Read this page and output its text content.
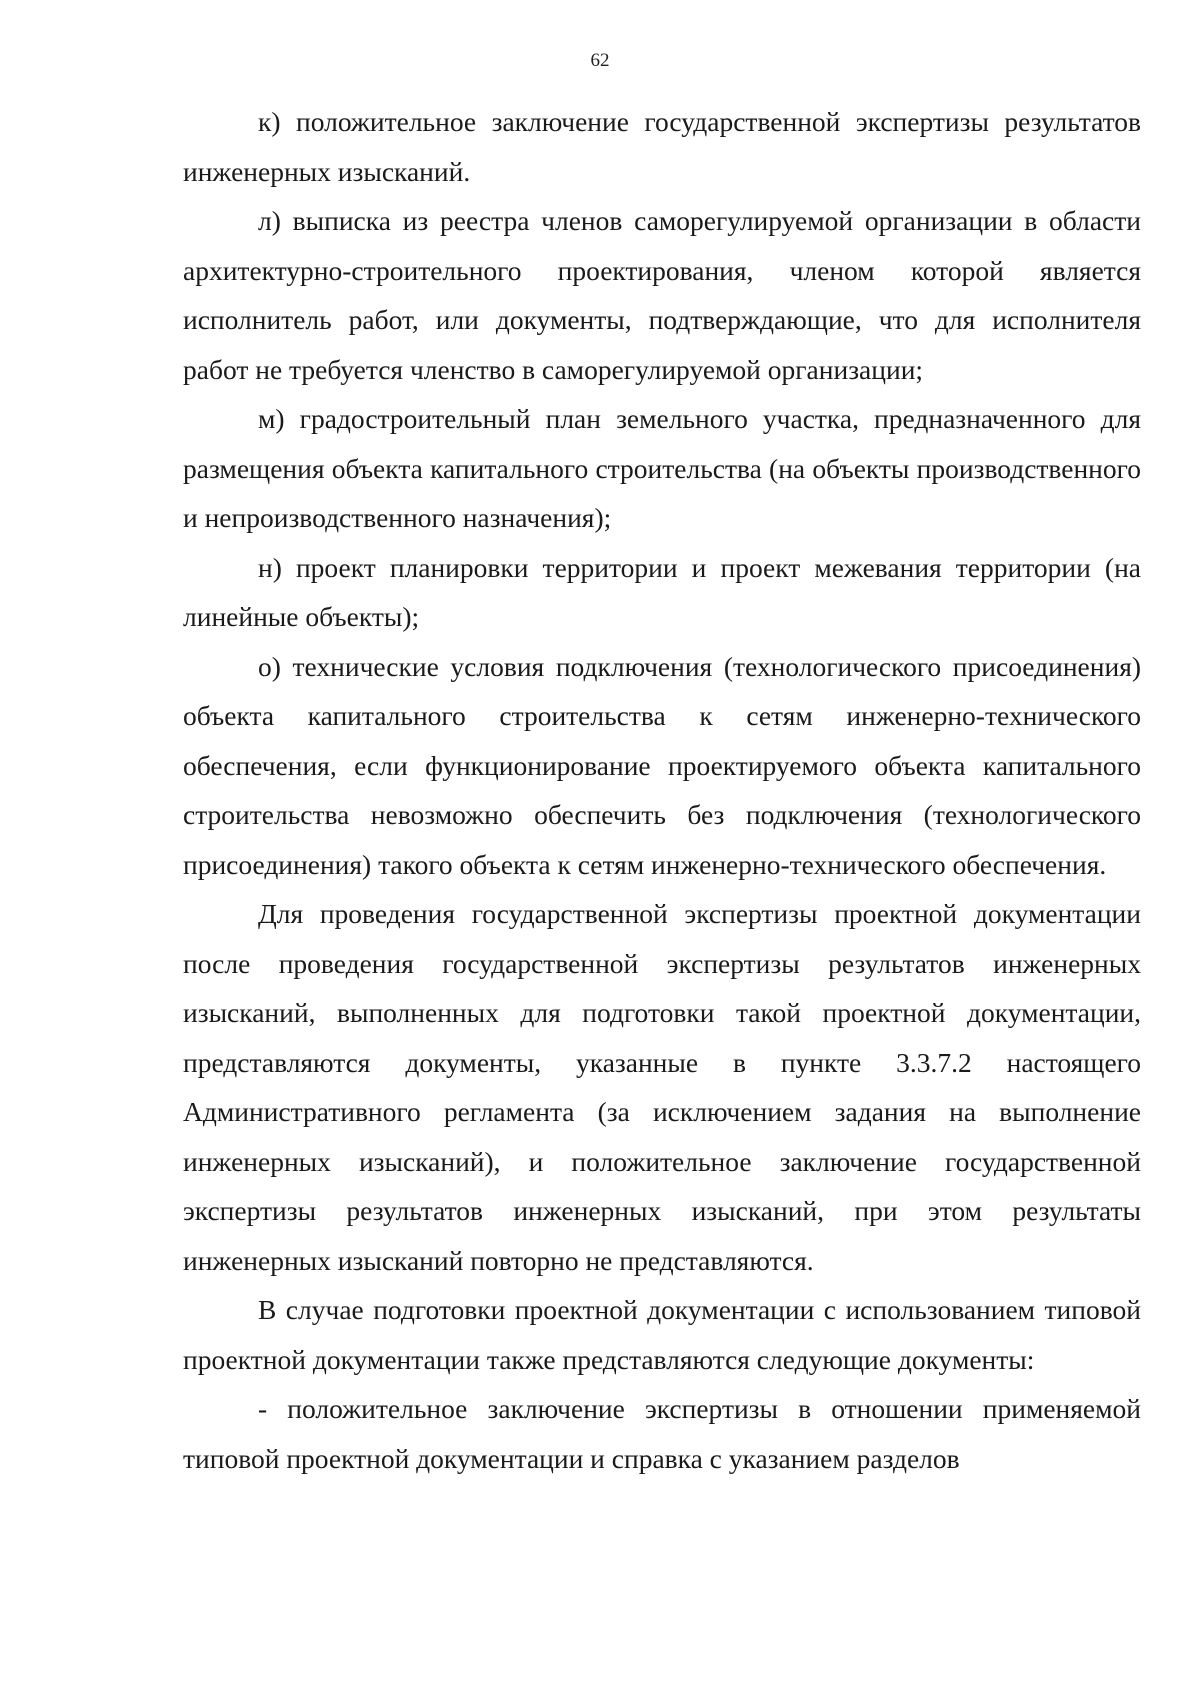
62

к) положительное заключение государственной экспертизы результатов инженерных изысканий.

л) выписка из реестра членов саморегулируемой организации в области архитектурно-строительного проектирования, членом которой является исполнитель работ, или документы, подтверждающие, что для исполнителя работ не требуется членство в саморегулируемой организации;

м) градостроительный план земельного участка, предназначенного для размещения объекта капитального строительства (на объекты производственного и непроизводственного назначения);

н) проект планировки территории и проект межевания территории (на линейные объекты);

о) технические условия подключения (технологического присоединения) объекта капитального строительства к сетям инженерно-технического обеспечения, если функционирование проектируемого объекта капитального строительства невозможно обеспечить без подключения (технологического присоединения) такого объекта к сетям инженерно-технического обеспечения.

Для проведения государственной экспертизы проектной документации после проведения государственной экспертизы результатов инженерных изысканий, выполненных для подготовки такой проектной документации, представляются документы, указанные в пункте 3.3.7.2 настоящего Административного регламента (за исключением задания на выполнение инженерных изысканий), и положительное заключение государственной экспертизы результатов инженерных изысканий, при этом результаты инженерных изысканий повторно не представляются.

В случае подготовки проектной документации с использованием типовой проектной документации также представляются следующие документы:

- положительное заключение экспертизы в отношении применяемой типовой проектной документации и справка с указанием разделов
